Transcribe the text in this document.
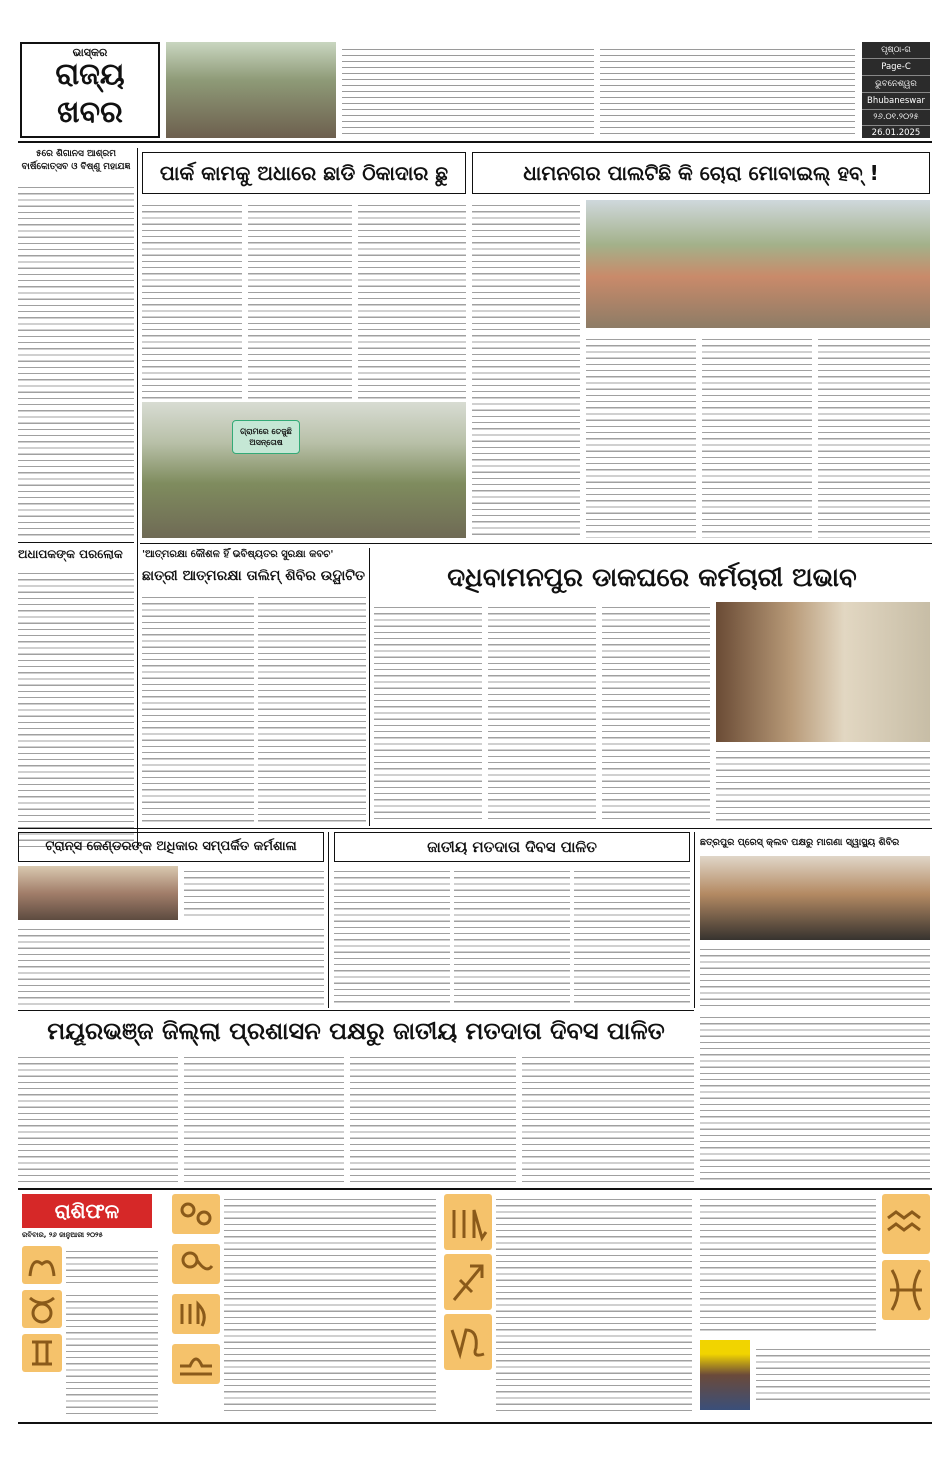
ଭାସ୍କର
ରାଜ୍ୟ
ଖବର
ପୃଷ୍ଠା-ଗ
Page-C
ଭୁବନେଶ୍ୱର
Bhubaneswar
୨୬.୦୧.୨୦୨୫
26.01.2025
୫ରେ ଶିଗାନସ ଆଶ୍ରମ ବାର୍ଷିକୋତ୍ସବ ଓ ବିଷ୍ଣୁ ମହାଯଜ୍ଞ
ଅଧାପକଙ୍କ ପରଲୋକ
ପାର୍କ କାମକୁ ଅଧାରେ ଛାଡି ଠିକାଦାର ଛୁ
ଗ୍ରାମରେ ତେଜୁଛି ଅସନ୍ତୋଷ
ଧାମନଗର ପାଲଟିଛି କି ଚୋରା ମୋବାଇଲ୍ ହବ୍ !
'ଆତ୍ମରକ୍ଷା କୌଶଳ ହିଁ ଭବିଷ୍ୟତର ସୁରକ୍ଷା କବଚ'
ଛାତ୍ରୀ ଆତ୍ମରକ୍ଷା ତାଲିମ୍ ଶିବିର ଉଦ୍ଘାଟିତ	ଦଧିବାମନପୁର ଡାକଘରେ କର୍ମଚାରୀ ଅଭାବ
ଟ୍ରାନ୍ସ ଜେଣ୍ଡରଙ୍କ ଅଧିକାର ସମ୍ପର୍କିତ କର୍ମଶାଳା	ଜାତୀୟ ମତଦାତା ଦିବସ ପାଳିତ	ଛତ୍ରପୁର ପ୍ରେସ୍ କ୍ଲବ ପକ୍ଷରୁ ମାଗଣା ସ୍ୱାସ୍ଥ୍ୟ ଶିବିର
ମୟୂରଭଞ୍ଜ ଜିଲ୍ଲା ପ୍ରଶାସନ ପକ୍ଷରୁ ଜାତୀୟ ମତଦାତା ଦିବସ ପାଳିତ
ରାଶିଫଳ
ରବିବାର, ୨୬ ଜାନୁଆରୀ ୨୦୨୫
